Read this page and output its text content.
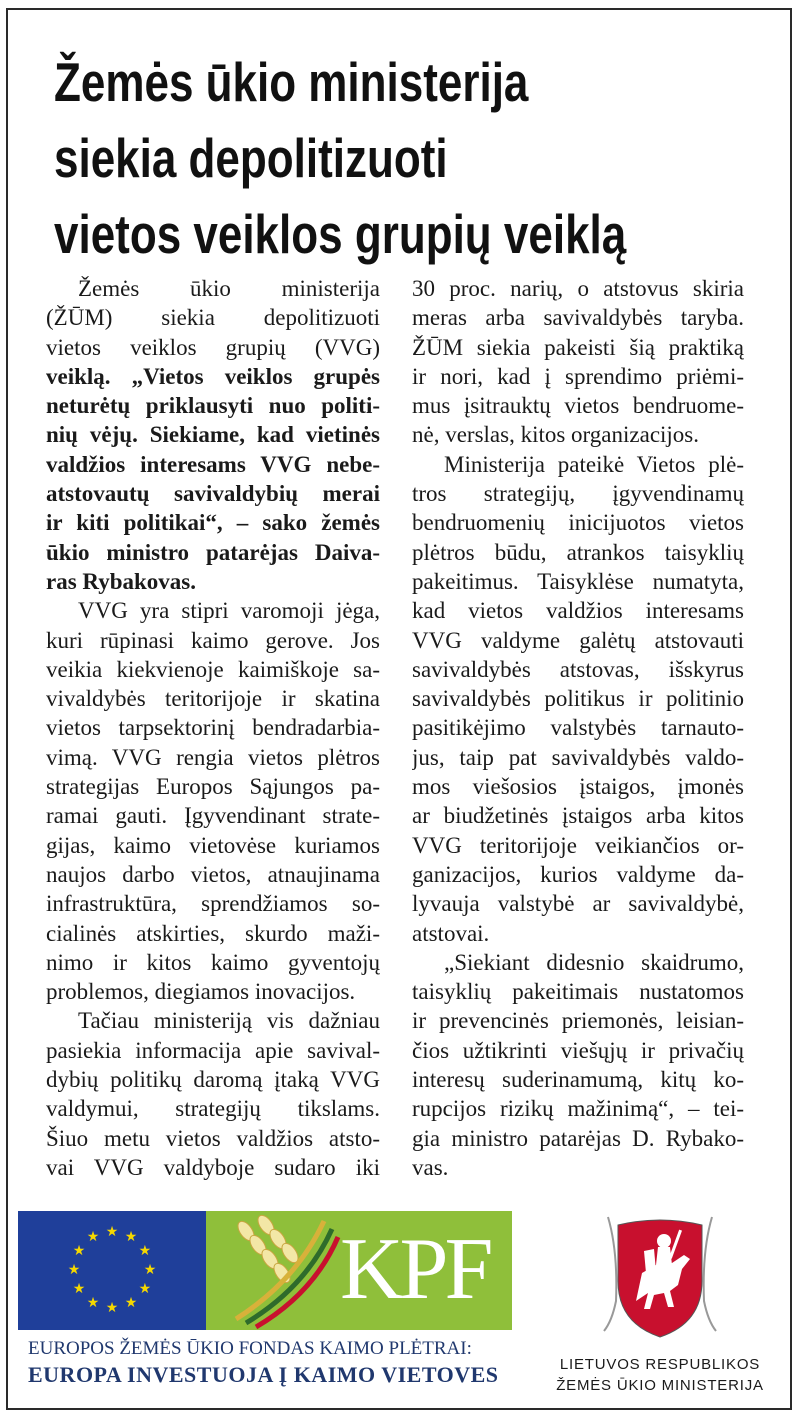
Žemės ūkio ministerija
siekia depolitizuoti
vietos veiklos grupių veiklą
Žemės ūkio ministerija
(ŽŪM) siekia depolitizuoti
vietos veiklos grupių (VVG)
veiklą. „Vietos veiklos grupės
neturėtų priklausyti nuo politi-
nių vėjų. Siekiame, kad vietinės
valdžios interesams VVG nebe-
atstovautų savivaldybių merai
ir kiti politikai“, – sako žemės
ūkio ministro patarėjas Daiva-
ras Rybakovas.
VVG yra stipri varomoji jėga,
kuri rūpinasi kaimo gerove. Jos
veikia kiekvienoje kaimiškoje sa-
vivaldybės teritorijoje ir skatina
vietos tarpsektorinį bendradarbia-
vimą. VVG rengia vietos plėtros
strategijas Europos Sąjungos pa-
ramai gauti. Įgyvendinant strate-
gijas, kaimo vietovėse kuriamos
naujos darbo vietos, atnaujinama
infrastruktūra, sprendžiamos so-
cialinės atskirties, skurdo maži-
nimo ir kitos kaimo gyventojų
problemos, diegiamos inovacijos.
Tačiau ministeriją vis dažniau
pasiekia informacija apie savival-
dybių politikų daromą įtaką VVG
valdymui, strategijų tikslams.
Šiuo metu vietos valdžios atsto-
vai VVG valdyboje sudaro iki
30 proc. narių, o atstovus skiria
meras arba savivaldybės taryba.
ŽŪM siekia pakeisti šią praktiką
ir nori, kad į sprendimo priėmi-
mus įsitrauktų vietos bendruome-
nė, verslas, kitos organizacijos.
Ministerija pateikė Vietos plė-
tros strategijų, įgyvendinamų
bendruomenių inicijuotos vietos
plėtros būdu, atrankos taisyklių
pakeitimus. Taisyklėse numatyta,
kad vietos valdžios interesams
VVG valdyme galėtų atstovauti
savivaldybės atstovas, išskyrus
savivaldybės politikus ir politinio
pasitikėjimo valstybės tarnauto-
jus, taip pat savivaldybės valdo-
mos viešosios įstaigos, įmonės
ar biudžetinės įstaigos arba kitos
VVG teritorijoje veikiančios or-
ganizacijos, kurios valdyme da-
lyvauja valstybė ar savivaldybė,
atstovai.
„Siekiant didesnio skaidrumo,
taisyklių pakeitimais nustatomos
ir prevencinės priemonės, leisian-
čios užtikrinti viešųjų ir privačių
interesų suderinamumą, kitų ko-
rupcijos rizikų mažinimą“, – tei-
gia ministro patarėjas D. Rybako-
vas.
★ ★
★
★
★
★
★
★
★
★
★
★	KPF
EUROPOS ŽEMĖS ŪKIO FONDAS KAIMO PLĖTRAI:
EUROPA INVESTUOJA Į KAIMO VIETOVES	LIETUVOS RESPUBLIKOS
ŽEMĖS ŪKIO MINISTERIJA
